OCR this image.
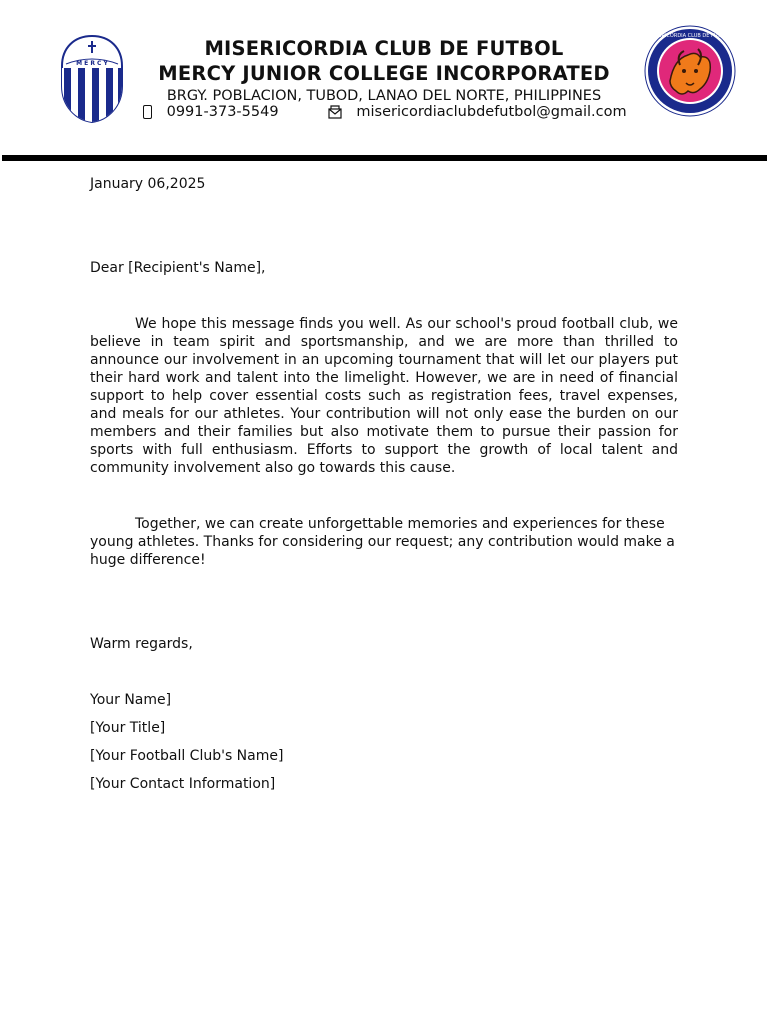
M E R C Y
MISERICORDIA CLUB DE FUTBOL
MERCY JUNIOR COLLEGE INCORPORATED
BRGY. POBLACION, TUBOD, LANAO DEL NORTE, PHILIPPINES
0991-373-5549	misericordiaclubdefutbol@gmail.com
MISERICORDIA CLUB DE FUTBOL

January 06,2025

Dear [Recipient's Name],

We hope this message finds you well. As our school's proud football club, we believe in team spirit and sportsmanship, and we are more than thrilled to announce our involvement in an upcoming tournament that will let our players put their hard work and talent into the limelight. However, we are in need of financial support to help cover essential costs such as registration fees, travel expenses, and meals for our athletes. Your contribution will not only ease the burden on our members and their families but also motivate them to pursue their passion for sports with full enthusiasm. Efforts to support the growth of local talent and community involvement also go towards this cause.

Together, we can create unforgettable memories and experiences for these young athletes. Thanks for considering our request; any contribution would make a huge difference!

Warm regards,

Your Name]

[Your Title]

[Your Football Club's Name]

[Your Contact Information]
